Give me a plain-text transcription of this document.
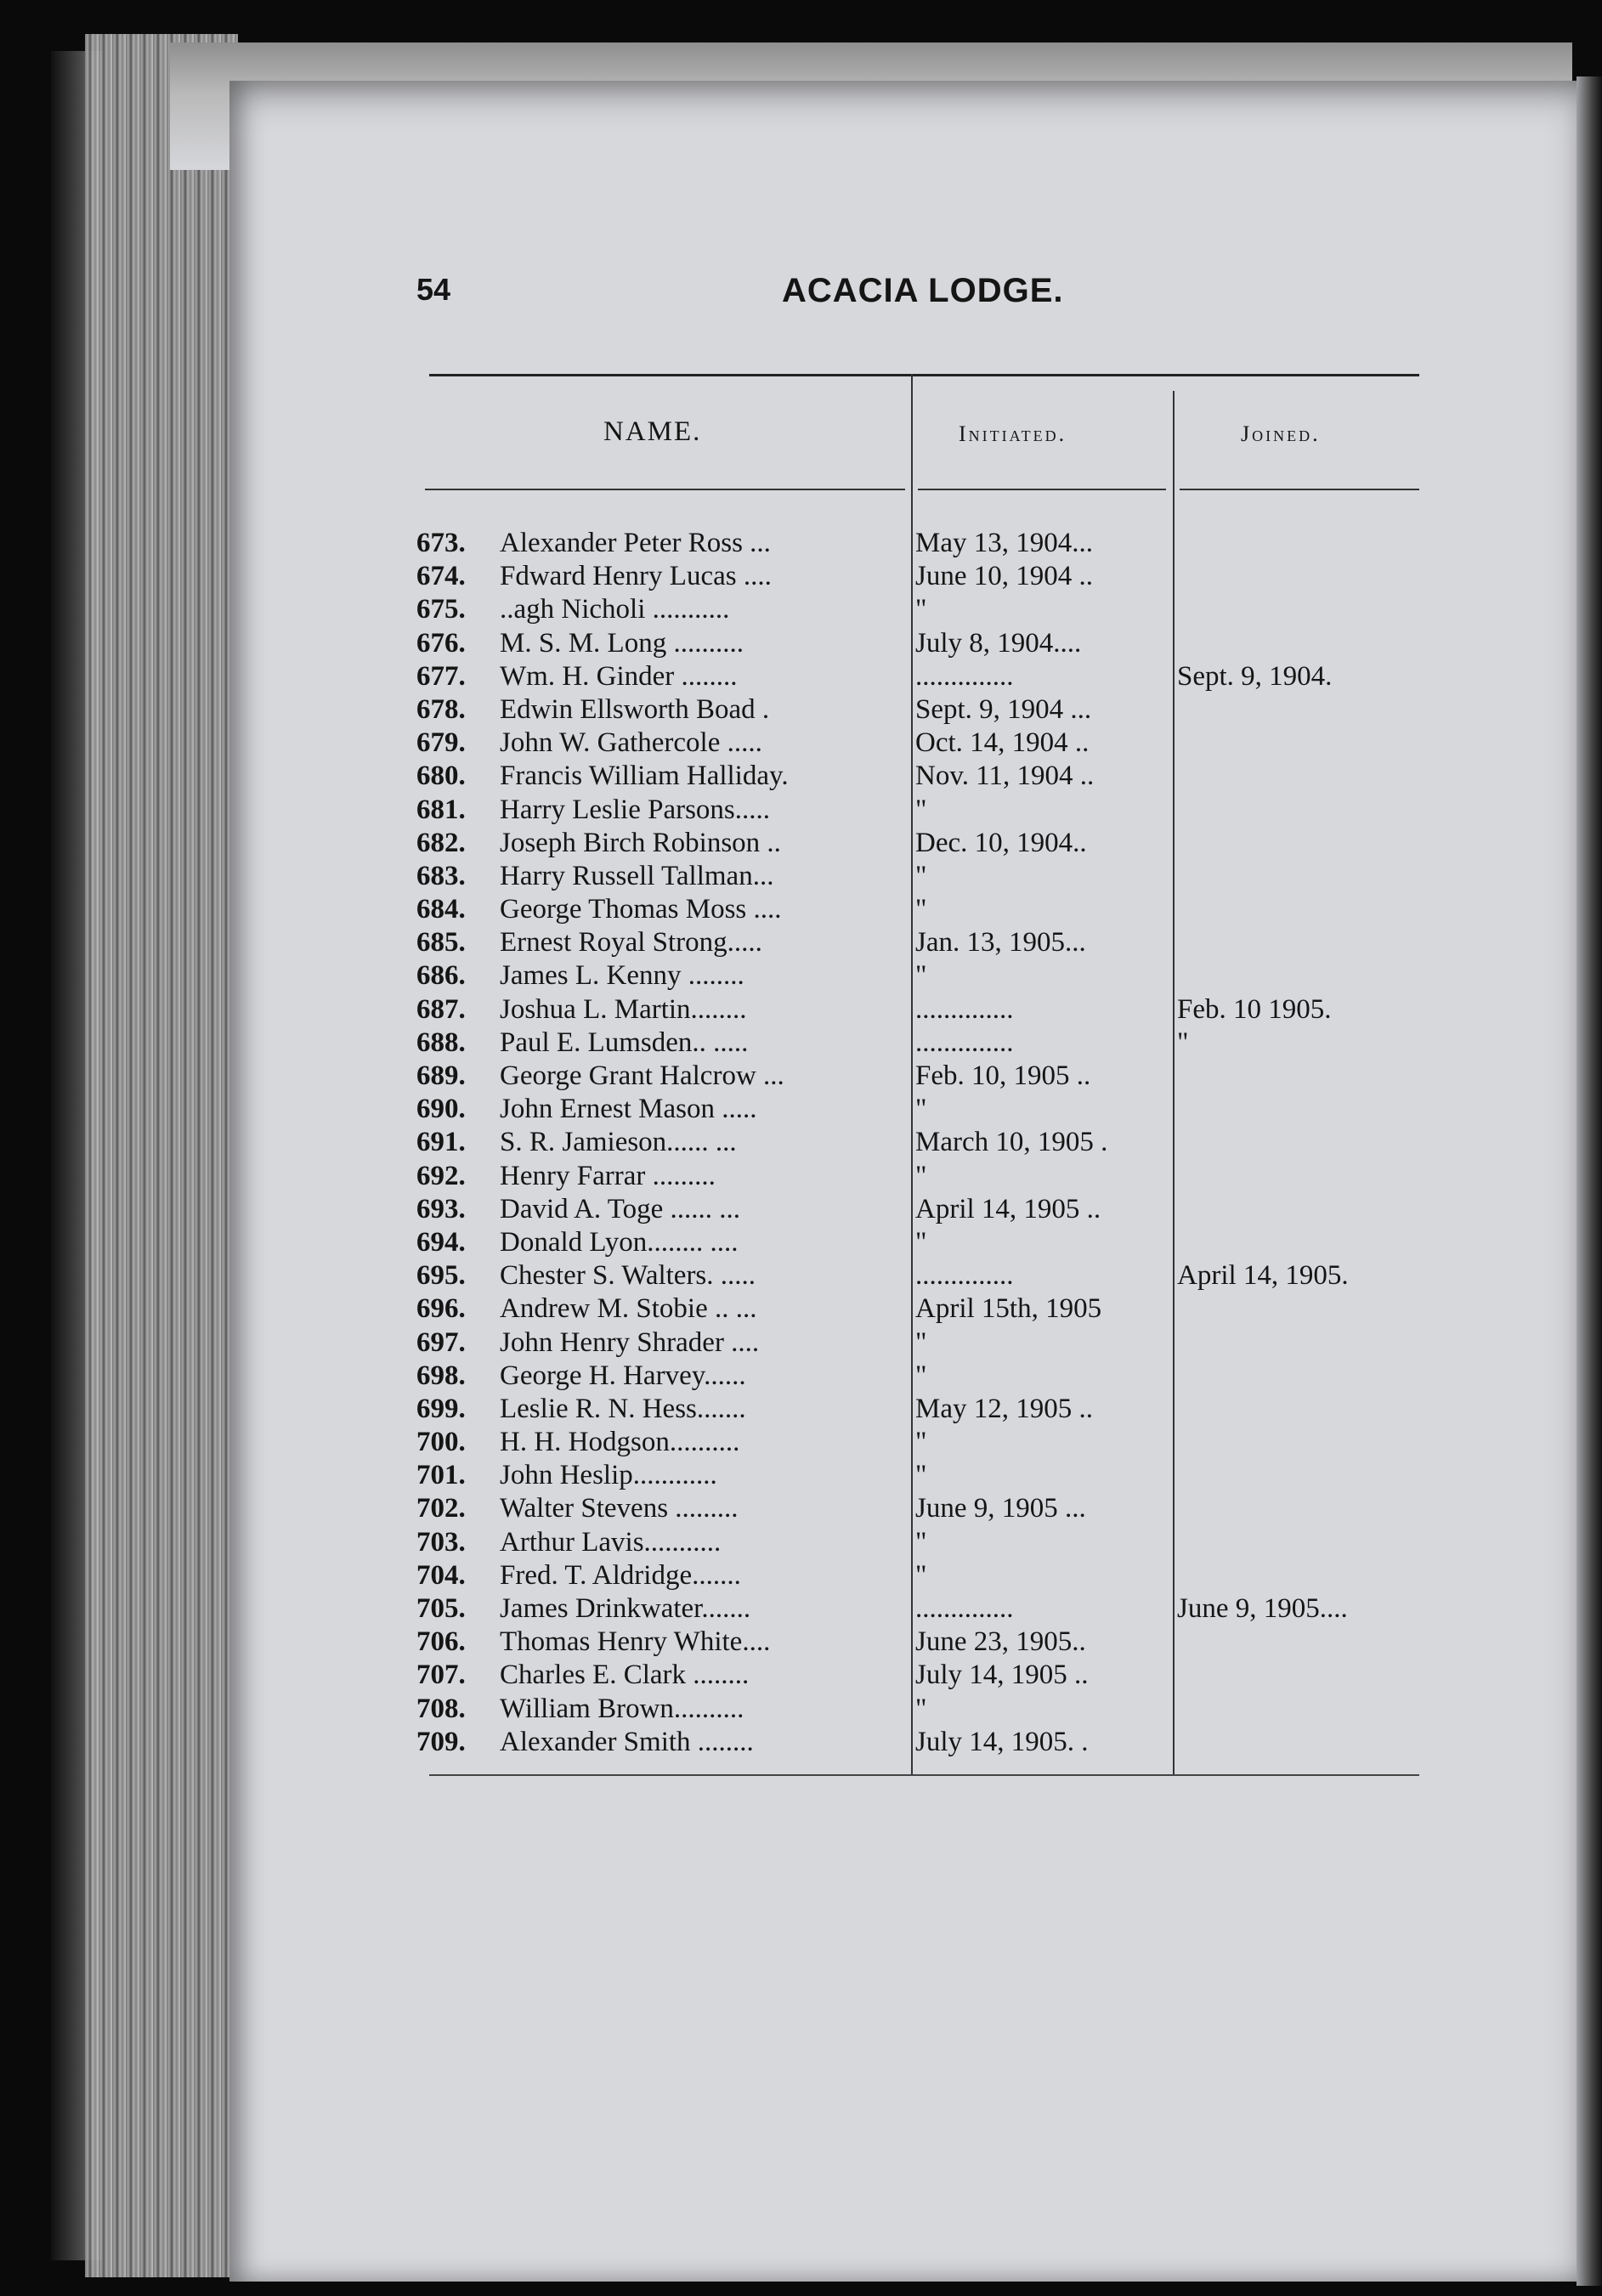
54	ACACIA LODGE.
NAME.	Initiated.	Joined.
673. Alexander Peter Ross ...	May 13, 1904...
674. Fdward Henry Lucas ....	June 10, 1904 ..
675. ..agh Nicholi ...........	"
676. M. S. M. Long ..........	July 8, 1904....
677. Wm. H. Ginder ........	..............	Sept. 9, 1904.
678. Edwin Ellsworth Boad .	Sept. 9, 1904 ...
679. John W. Gathercole .....	Oct. 14, 1904 ..
680. Francis William Halliday.	Nov. 11, 1904 ..
681. Harry Leslie Parsons.....	"
682. Joseph Birch Robinson ..	Dec. 10, 1904..
683. Harry Russell Tallman...	"
684. George Thomas Moss ....	"
685. Ernest Royal Strong.....	Jan. 13, 1905...
686. James L. Kenny ........	"
687. Joshua L. Martin........	..............	Feb. 10 1905.
688. Paul E. Lumsden.. .....	..............	"
689. George Grant Halcrow ...	Feb. 10, 1905 ..
690. John Ernest Mason .....	"
691. S. R. Jamieson...... ...	March 10, 1905 .
692. Henry Farrar .........	"
693. David A. Toge ...... ...	April 14, 1905 ..
694. Donald Lyon........ ....	"
695. Chester S. Walters. .....	..............	April 14, 1905.
696. Andrew M. Stobie .. ...	April 15th, 1905
697. John Henry Shrader ....	"
698. George H. Harvey......	"
699. Leslie R. N. Hess.......	May 12, 1905 ..
700. H. H. Hodgson..........	"
701. John Heslip............	"
702. Walter Stevens .........	June 9, 1905 ...
703. Arthur Lavis...........	"
704. Fred. T. Aldridge.......	"
705. James Drinkwater.......	..............	June 9, 1905....
706. Thomas Henry White....	June 23, 1905..
707. Charles E. Clark ........	July 14, 1905 ..
708. William Brown..........	"
709. Alexander Smith ........	July 14, 1905. .
